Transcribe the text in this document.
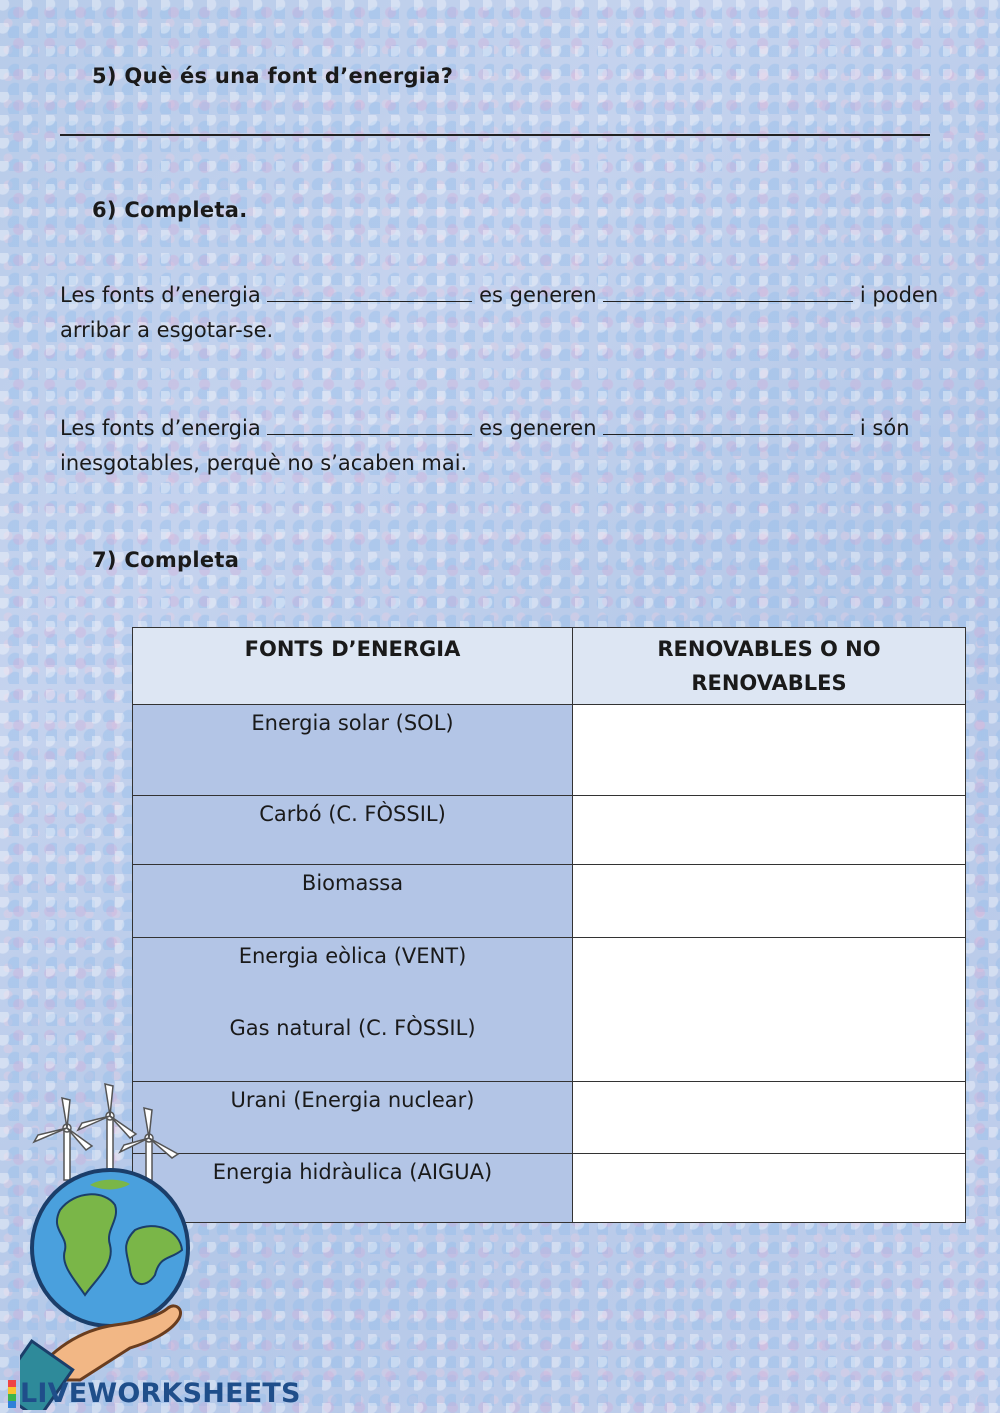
5) Què és una font d’energia?
6) Completa.
Les fonts d’energia	es generen	i poden
arribar a esgotar-se.
Les fonts d’energia	es generen	i són
inesgotables, perquè no s’acaben mai.
7) Completa
FONTS D’ENERGIA	RENOVABLES O NO
RENOVABLES
Energia solar (SOL)	
Carbó (C. FÒSSIL)	
Biomassa	

Energia eòlica (VENT)
Gas natural (C. FÒSSIL)	

Urani (Energia nuclear)	
Energia hidràulica (AIGUA)	
LIVEWORKSHEETS
